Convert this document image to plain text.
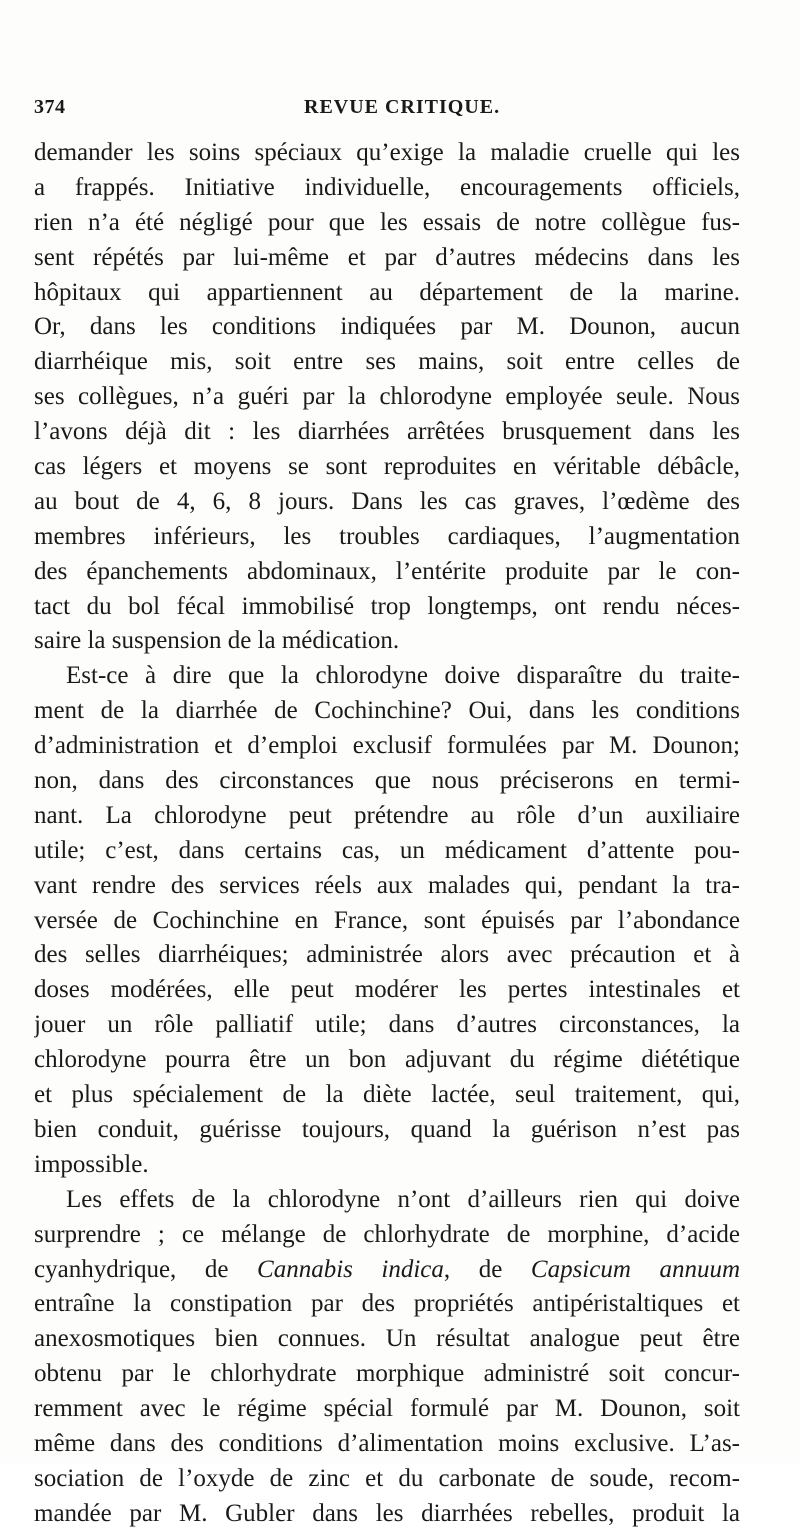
374	REVUE CRITIQUE.
demander les soins spéciaux qu’exige la maladie cruelle qui les
a frappés. Initiative individuelle, encouragements officiels,
rien n’a été négligé pour que les essais de notre collègue fus-
sent répétés par lui-même et par d’autres médecins dans les
hôpitaux qui appartiennent au département de la marine.
Or, dans les conditions indiquées par M. Dounon, aucun
diarrhéique mis, soit entre ses mains, soit entre celles de
ses collègues, n’a guéri par la chlorodyne employée seule. Nous
l’avons déjà dit : les diarrhées arrêtées brusquement dans les
cas légers et moyens se sont reproduites en véritable débâcle,
au bout de 4, 6, 8 jours. Dans les cas graves, l’œdème des
membres inférieurs, les troubles cardiaques, l’augmentation
des épanchements abdominaux, l’entérite produite par le con-
tact du bol fécal immobilisé trop longtemps, ont rendu néces-
saire la suspension de la médication.
Est-ce à dire que la chlorodyne doive disparaître du traite-
ment de la diarrhée de Cochinchine? Oui, dans les conditions
d’administration et d’emploi exclusif formulées par M. Dounon;
non, dans des circonstances que nous préciserons en termi-
nant. La chlorodyne peut prétendre au rôle d’un auxiliaire
utile; c’est, dans certains cas, un médicament d’attente pou-
vant rendre des services réels aux malades qui, pendant la tra-
versée de Cochinchine en France, sont épuisés par l’abondance
des selles diarrhéiques; administrée alors avec précaution et à
doses modérées, elle peut modérer les pertes intestinales et
jouer un rôle palliatif utile; dans d’autres circonstances, la
chlorodyne pourra être un bon adjuvant du régime diététique
et plus spécialement de la diète lactée, seul traitement, qui,
bien conduit, guérisse toujours, quand la guérison n’est pas
impossible.
Les effets de la chlorodyne n’ont d’ailleurs rien qui doive
surprendre ; ce mélange de chlorhydrate de morphine, d’acide
cyanhydrique, de Cannabis indica, de Capsicum annuum
entraîne la constipation par des propriétés antipéristaltiques et
anexosmotiques bien connues. Un résultat analogue peut être
obtenu par le chlorhydrate morphique administré soit concur-
remment avec le régime spécial formulé par M. Dounon, soit
même dans des conditions d’alimentation moins exclusive. L’as-
sociation de l’oxyde de zinc et du carbonate de soude, recom-
mandée par M. Gubler dans les diarrhées rebelles, produit la
